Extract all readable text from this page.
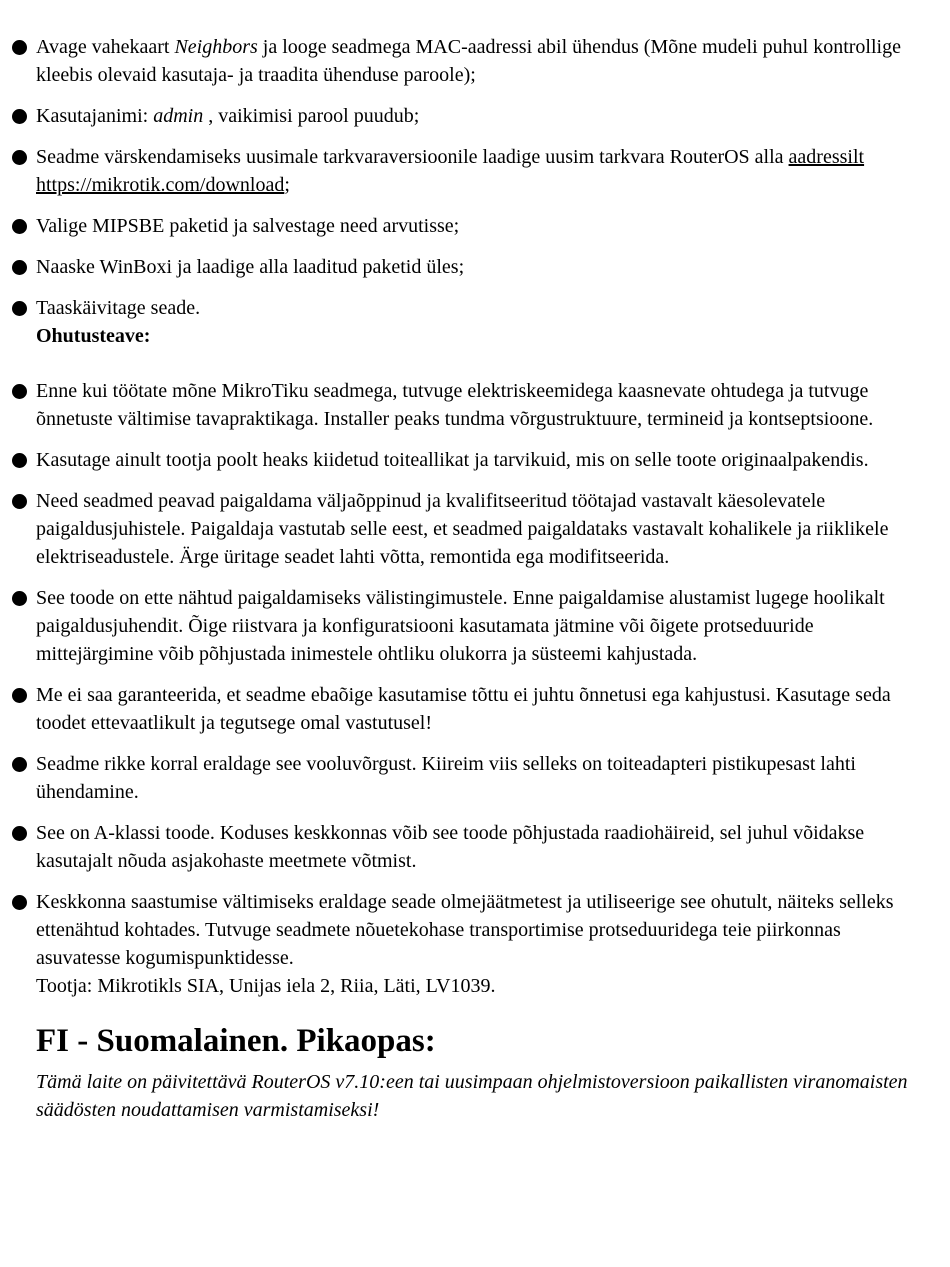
Avage vahekaart Neighbors ja looge seadmega MAC-aadressi abil ühendus (Mõne mudeli puhul kontrollige kleebis olevaid kasutaja- ja traadita ühenduse paroole);
Kasutajanimi: admin , vaikimisi parool puudub;
Seadme värskendamiseks uusimale tarkvaraversioonile laadige uusim tarkvara RouterOS alla aadressilt https://mikrotik.com/download;
Valige MIPSBE paketid ja salvestage need arvutisse;
Naaske WinBoxi ja laadige alla laaditud paketid üles;
Taaskäivitage seade.
Ohutusteave:
Enne kui töötate mõne MikroTiku seadmega, tutvuge elektriskeemidega kaasnevate ohtudega ja tutvuge õnnetuste vältimise tavapraktikaga. Installer peaks tundma võrgustruktuure, termineid ja kontseptsioone.
Kasutage ainult tootja poolt heaks kiidetud toiteallikat ja tarvikuid, mis on selle toote originaalpakendis.
Need seadmed peavad paigaldama väljaõppinud ja kvalifitseeritud töötajad vastavalt käesolevatele paigaldusjuhistele. Paigaldaja vastutab selle eest, et seadmed paigaldataks vastavalt kohalikele ja riiklikele elektriseadustele. Ärge üritage seadet lahti võtta, remontida ega modifitseerida.
See toode on ette nähtud paigaldamiseks välistingimustele. Enne paigaldamise alustamist lugege hoolikalt paigaldusjuhendit. Õige riistvara ja konfiguratsiooni kasutamata jätmine või õigete protseduuride mittejärgimine võib põhjustada inimestele ohtliku olukorra ja süsteemi kahjustada.
Me ei saa garanteerida, et seadme ebaõige kasutamise tõttu ei juhtu õnnetusi ega kahjustusi. Kasutage seda toodet ettevaatlikult ja tegutsege omal vastutusel!
Seadme rikke korral eraldage see vooluvõrgust. Kiireim viis selleks on toiteadapteri pistikupesast lahti ühendamine.
See on A-klassi toode. Koduses keskkonnas võib see toode põhjustada raadiohäireid, sel juhul võidakse kasutajalt nõuda asjakohaste meetmete võtmist.
Keskkonna saastumise vältimiseks eraldage seade olmejäätmetest ja utiliseerige see ohutult, näiteks selleks ettenähtud kohtades. Tutvuge seadmete nõuetekohase transportimise protseduuridega teie piirkonnas asuvatesse kogumispunktidesse.
Tootja: Mikrotikls SIA, Unijas iela 2, Riia, Läti, LV1039.
FI - Suomalainen. Pikaopas:

Tämä laite on päivitettävä RouterOS v7.10:een tai uusimpaan ohjelmistoversioon paikallisten viranomaisten säädösten noudattamisen varmistamiseksi!
